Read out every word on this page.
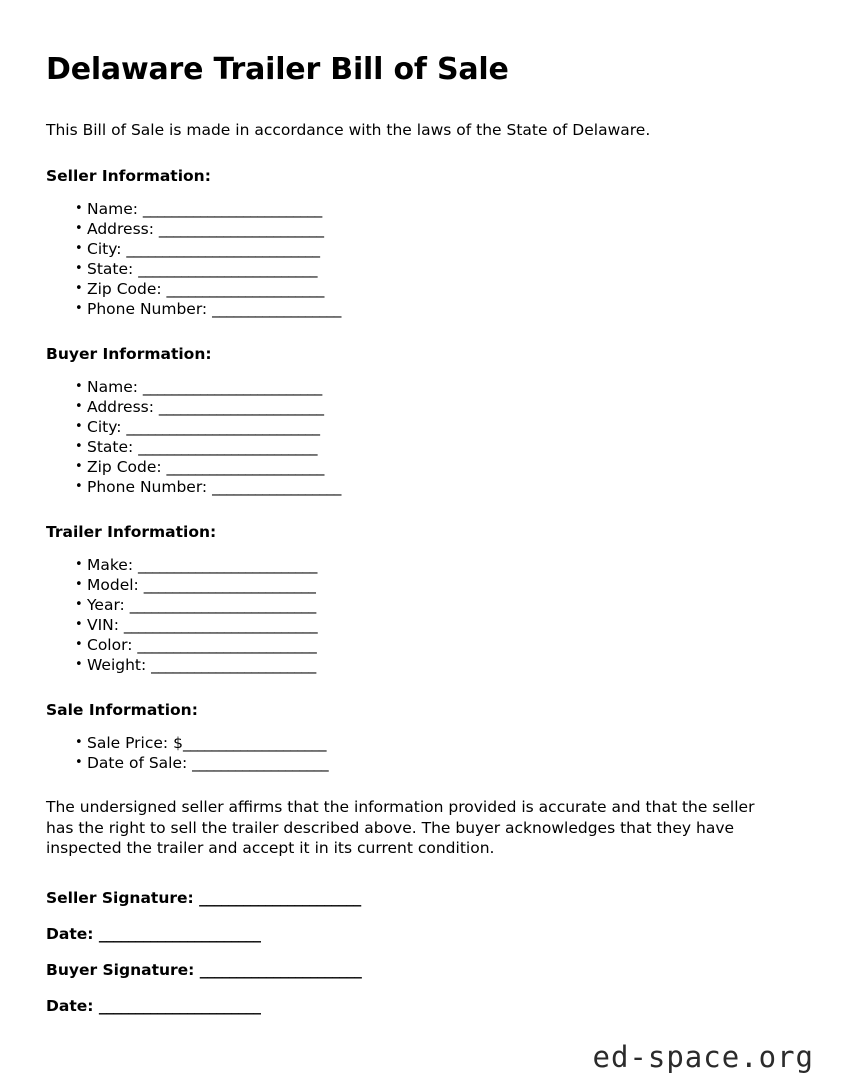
Delaware Trailer Bill of Sale

This Bill of Sale is made in accordance with the laws of the State of Delaware.

Seller Information:
• Name: _________________________
• Address: _______________________
• City: ___________________________
• State: _________________________
• Zip Code: ______________________
• Phone Number: __________________
Buyer Information:
• Name: _________________________
• Address: _______________________
• City: ___________________________
• State: _________________________
• Zip Code: ______________________
• Phone Number: __________________
Trailer Information:
• Make: _________________________
• Model: ________________________
• Year: __________________________
• VIN: ___________________________
• Color: _________________________
• Weight: _______________________
Sale Information:
• Sale Price: $____________________
• Date of Sale: ___________________

The undersigned seller affirms that the information provided is accurate and that the seller has the right to sell the trailer described above. The buyer acknowledges that they have inspected the trailer and accept it in its current condition.

Seller Signature: ______________________
Date: ______________________
Buyer Signature: ______________________
Date: ______________________
ed-space.org
